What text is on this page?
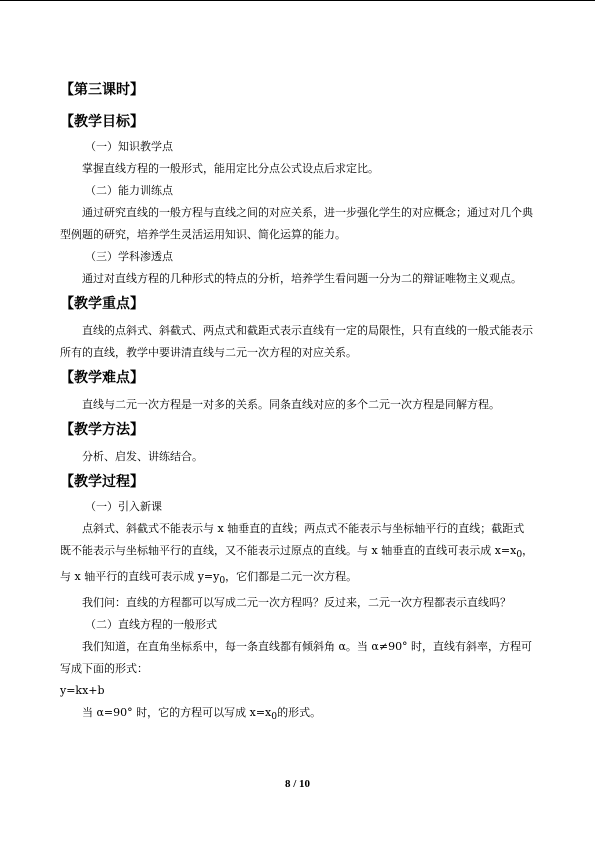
【第三课时】

【教学目标】

（一）知识教学点

掌握直线方程的一般形式，能用定比分点公式设点后求定比。

（二）能力训练点

通过研究直线的一般方程与直线之间的对应关系，进一步强化学生的对应概念；通过对几个典型例题的研究，培养学生灵活运用知识、简化运算的能力。

（三）学科渗透点

通过对直线方程的几种形式的特点的分析，培养学生看问题一分为二的辩证唯物主义观点。

【教学重点】

直线的点斜式、斜截式、两点式和截距式表示直线有一定的局限性，只有直线的一般式能表示所有的直线，教学中要讲清直线与二元一次方程的对应关系。

【教学难点】

直线与二元一次方程是一对多的关系。同条直线对应的多个二元一次方程是同解方程。

【教学方法】

分析、启发、讲练结合。

【教学过程】

（一）引入新课

点斜式、斜截式不能表示与 x 轴垂直的直线；两点式不能表示与坐标轴平行的直线；截距式既不能表示与坐标轴平行的直线，又不能表示过原点的直线。与 x 轴垂直的直线可表示成 $x=x_0$，与 x 轴平行的直线可表示成 $y=y_0$，它们都是二元一次方程。

我们问：直线的方程都可以写成二元一次方程吗？反过来，二元一次方程都表示直线吗？

（二）直线方程的一般形式

我们知道，在直角坐标系中，每一条直线都有倾斜角 α。当 α≠90° 时，直线有斜率，方程可写成下面的形式：

y=kx+b

当 α=90° 时，它的方程可以写成 $x=x_0$的形式。

8 / 10
